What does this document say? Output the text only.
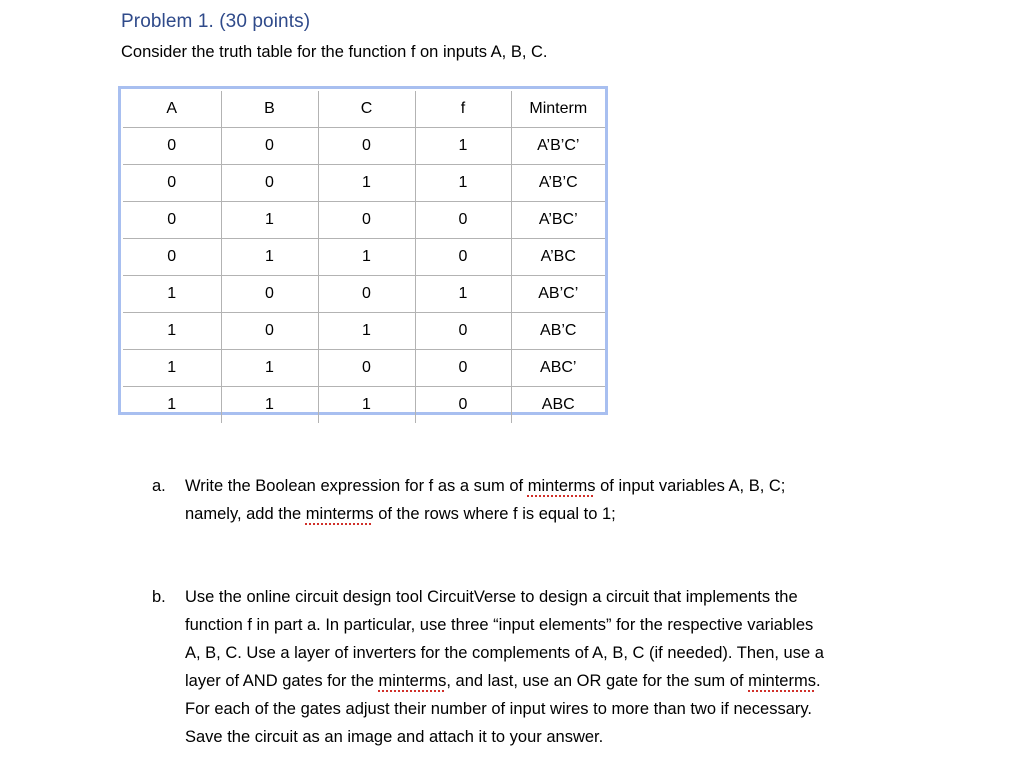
Problem 1. (30 points)
Consider the truth table for the function f on inputs A, B, C.
A	B	C	f	Minterm
0	0	0	1	A’B’C’
0	0	1	1	A’B’C
0	1	0	0	A’BC’
0	1	1	0	A’BC
1	0	0	1	AB’C’
1	0	1	0	AB’C
1	1	0	0	ABC’
1	1	1	0	ABC
a. Write the Boolean expression for f as a sum of minterms of input variables A, B, C;
namely, add the minterms of the rows where f is equal to 1;
b. Use the online circuit design tool CircuitVerse to design a circuit that implements the
function f in part a. In particular, use three “input elements” for the respective variables
A, B, C. Use a layer of inverters for the complements of A, B, C (if needed). Then, use a
layer of AND gates for the minterms, and last, use an OR gate for the sum of minterms.
For each of the gates adjust their number of input wires to more than two if necessary.
Save the circuit as an image and attach it to your answer.
